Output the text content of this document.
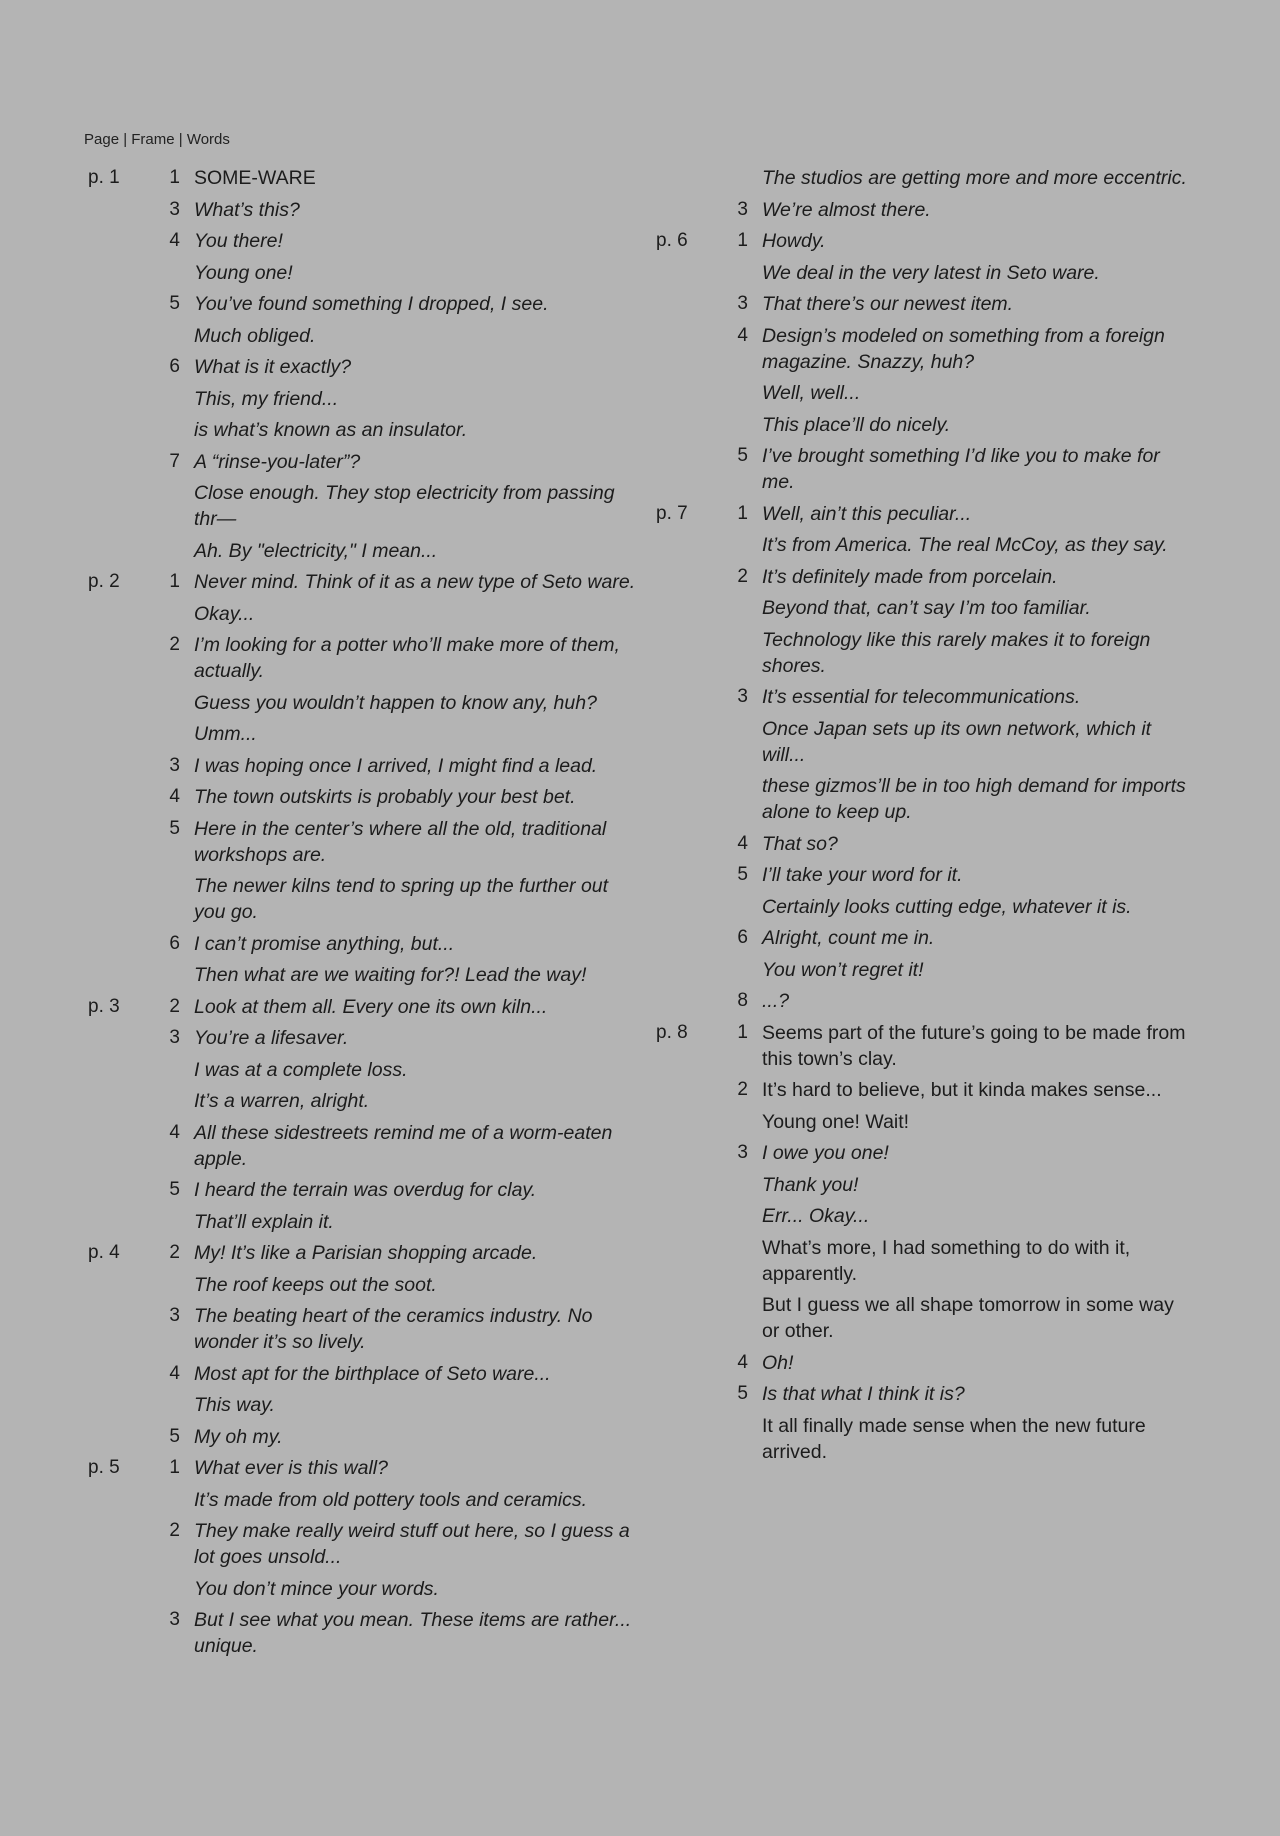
Page | Frame | Words
p. 1	1 SOME-WARE
3 What’s this?
4 You there!
Young one!
5 You’ve found something I dropped, I see.
Much obliged.
6 What is it exactly?
This, my friend...
is what’s known as an insulator.
7 A “rinse-you-later”?
Close enough. They stop electricity from passing thr—
Ah. By "electricity," I mean...
p. 2	1 Never mind. Think of it as a new type of Seto ware.
Okay...
2 I’m looking for a potter who’ll make more of them, actually.
Guess you wouldn’t happen to know any, huh?
Umm...
3 I was hoping once I arrived, I might find a lead.
4 The town outskirts is probably your best bet.
5 Here in the center’s where all the old, traditional workshops are.
The newer kilns tend to spring up the further out you go.
6 I can’t promise anything, but...
Then what are we waiting for?! Lead the way!
p. 3	2 Look at them all. Every one its own kiln...
3 You’re a lifesaver.
I was at a complete loss.
It’s a warren, alright.
4 All these sidestreets remind me of a worm-eaten apple.
5 I heard the terrain was overdug for clay.
That’ll explain it.
p. 4	2 My! It’s like a Parisian shopping arcade.
The roof keeps out the soot.
3 The beating heart of the ceramics industry. No wonder it’s so lively.
4 Most apt for the birthplace of Seto ware...
This way.
5 My oh my.
p. 5	1 What ever is this wall?
It’s made from old pottery tools and ceramics.
2 They make really weird stuff out here, so I guess a lot goes unsold...
You don’t mince your words.
3 But I see what you mean. These items are rather... unique.
The studios are getting more and more eccentric.
3 We’re almost there.
p. 6	1 Howdy.
We deal in the very latest in Seto ware.
3 That there’s our newest item.
4 Design’s modeled on something from a foreign magazine. Snazzy, huh?
Well, well...
This place’ll do nicely.
5 I’ve brought something I’d like you to make for me.
p. 7	1 Well, ain’t this peculiar...
It’s from America. The real McCoy, as they say.
2 It’s definitely made from porcelain.
Beyond that, can’t say I’m too familiar.
Technology like this rarely makes it to foreign shores.
3 It’s essential for telecommunications.
Once Japan sets up its own network, which it will...
these gizmos’ll be in too high demand for imports alone to keep up.
4 That so?
5 I’ll take your word for it.
Certainly looks cutting edge, whatever it is.
6 Alright, count me in.
You won’t regret it!
8 ...?
p. 8	1 Seems part of the future’s going to be made from this town’s clay.
2 It’s hard to believe, but it kinda makes sense...
Young one! Wait!
3 I owe you one!
Thank you!
Err... Okay...
What’s more, I had something to do with it, apparently.
But I guess we all shape tomorrow in some way or other.
4 Oh!
5 Is that what I think it is?
It all finally made sense when the new future arrived.
